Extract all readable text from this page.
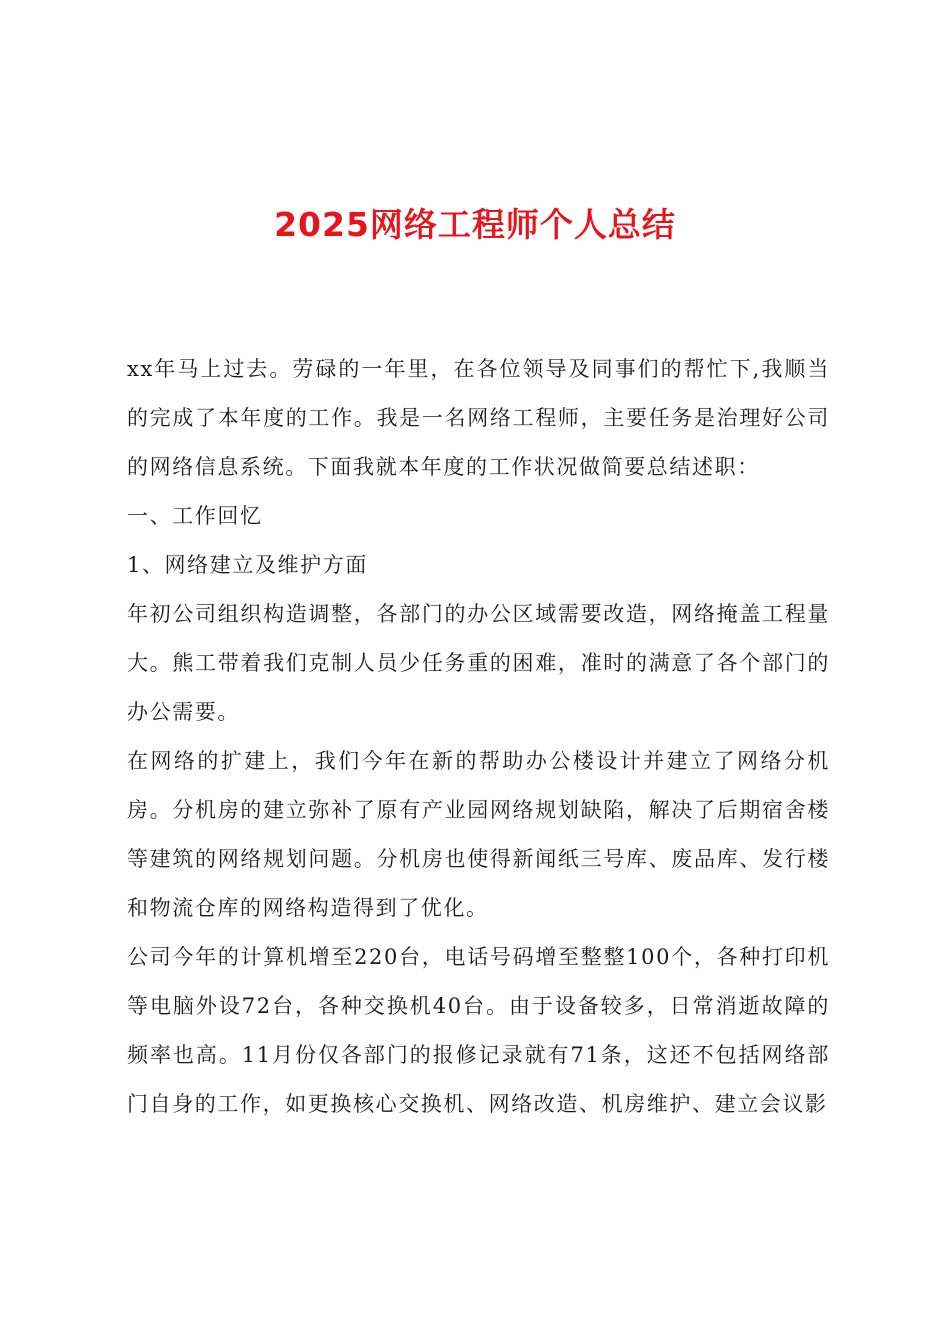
2025网络工程师个人总结

xx年马上过去。劳碌的一年里，在各位领导及同事们的帮忙下,我顺当的完成了本年度的工作。我是一名网络工程师，主要任务是治理好公司的网络信息系统。下面我就本年度的工作状况做简要总结述职：

一、工作回忆

1、网络建立及维护方面

年初公司组织构造调整，各部门的办公区域需要改造，网络掩盖工程量大。熊工带着我们克制人员少任务重的困难，准时的满意了各个部门的办公需要。

在网络的扩建上，我们今年在新的帮助办公楼设计并建立了网络分机房。分机房的建立弥补了原有产业园网络规划缺陷，解决了后期宿舍楼等建筑的网络规划问题。分机房也使得新闻纸三号库、废品库、发行楼和物流仓库的网络构造得到了优化。

公司今年的计算机增至220台，电话号码增至整整100个，各种打印机等电脑外设72台，各种交换机40台。由于设备较多，日常消逝故障的频率也高。11月份仅各部门的报修记录就有71条，这还不包括网络部门自身的工作，如更换核心交换机、网络改造、机房维护、建立会议影
